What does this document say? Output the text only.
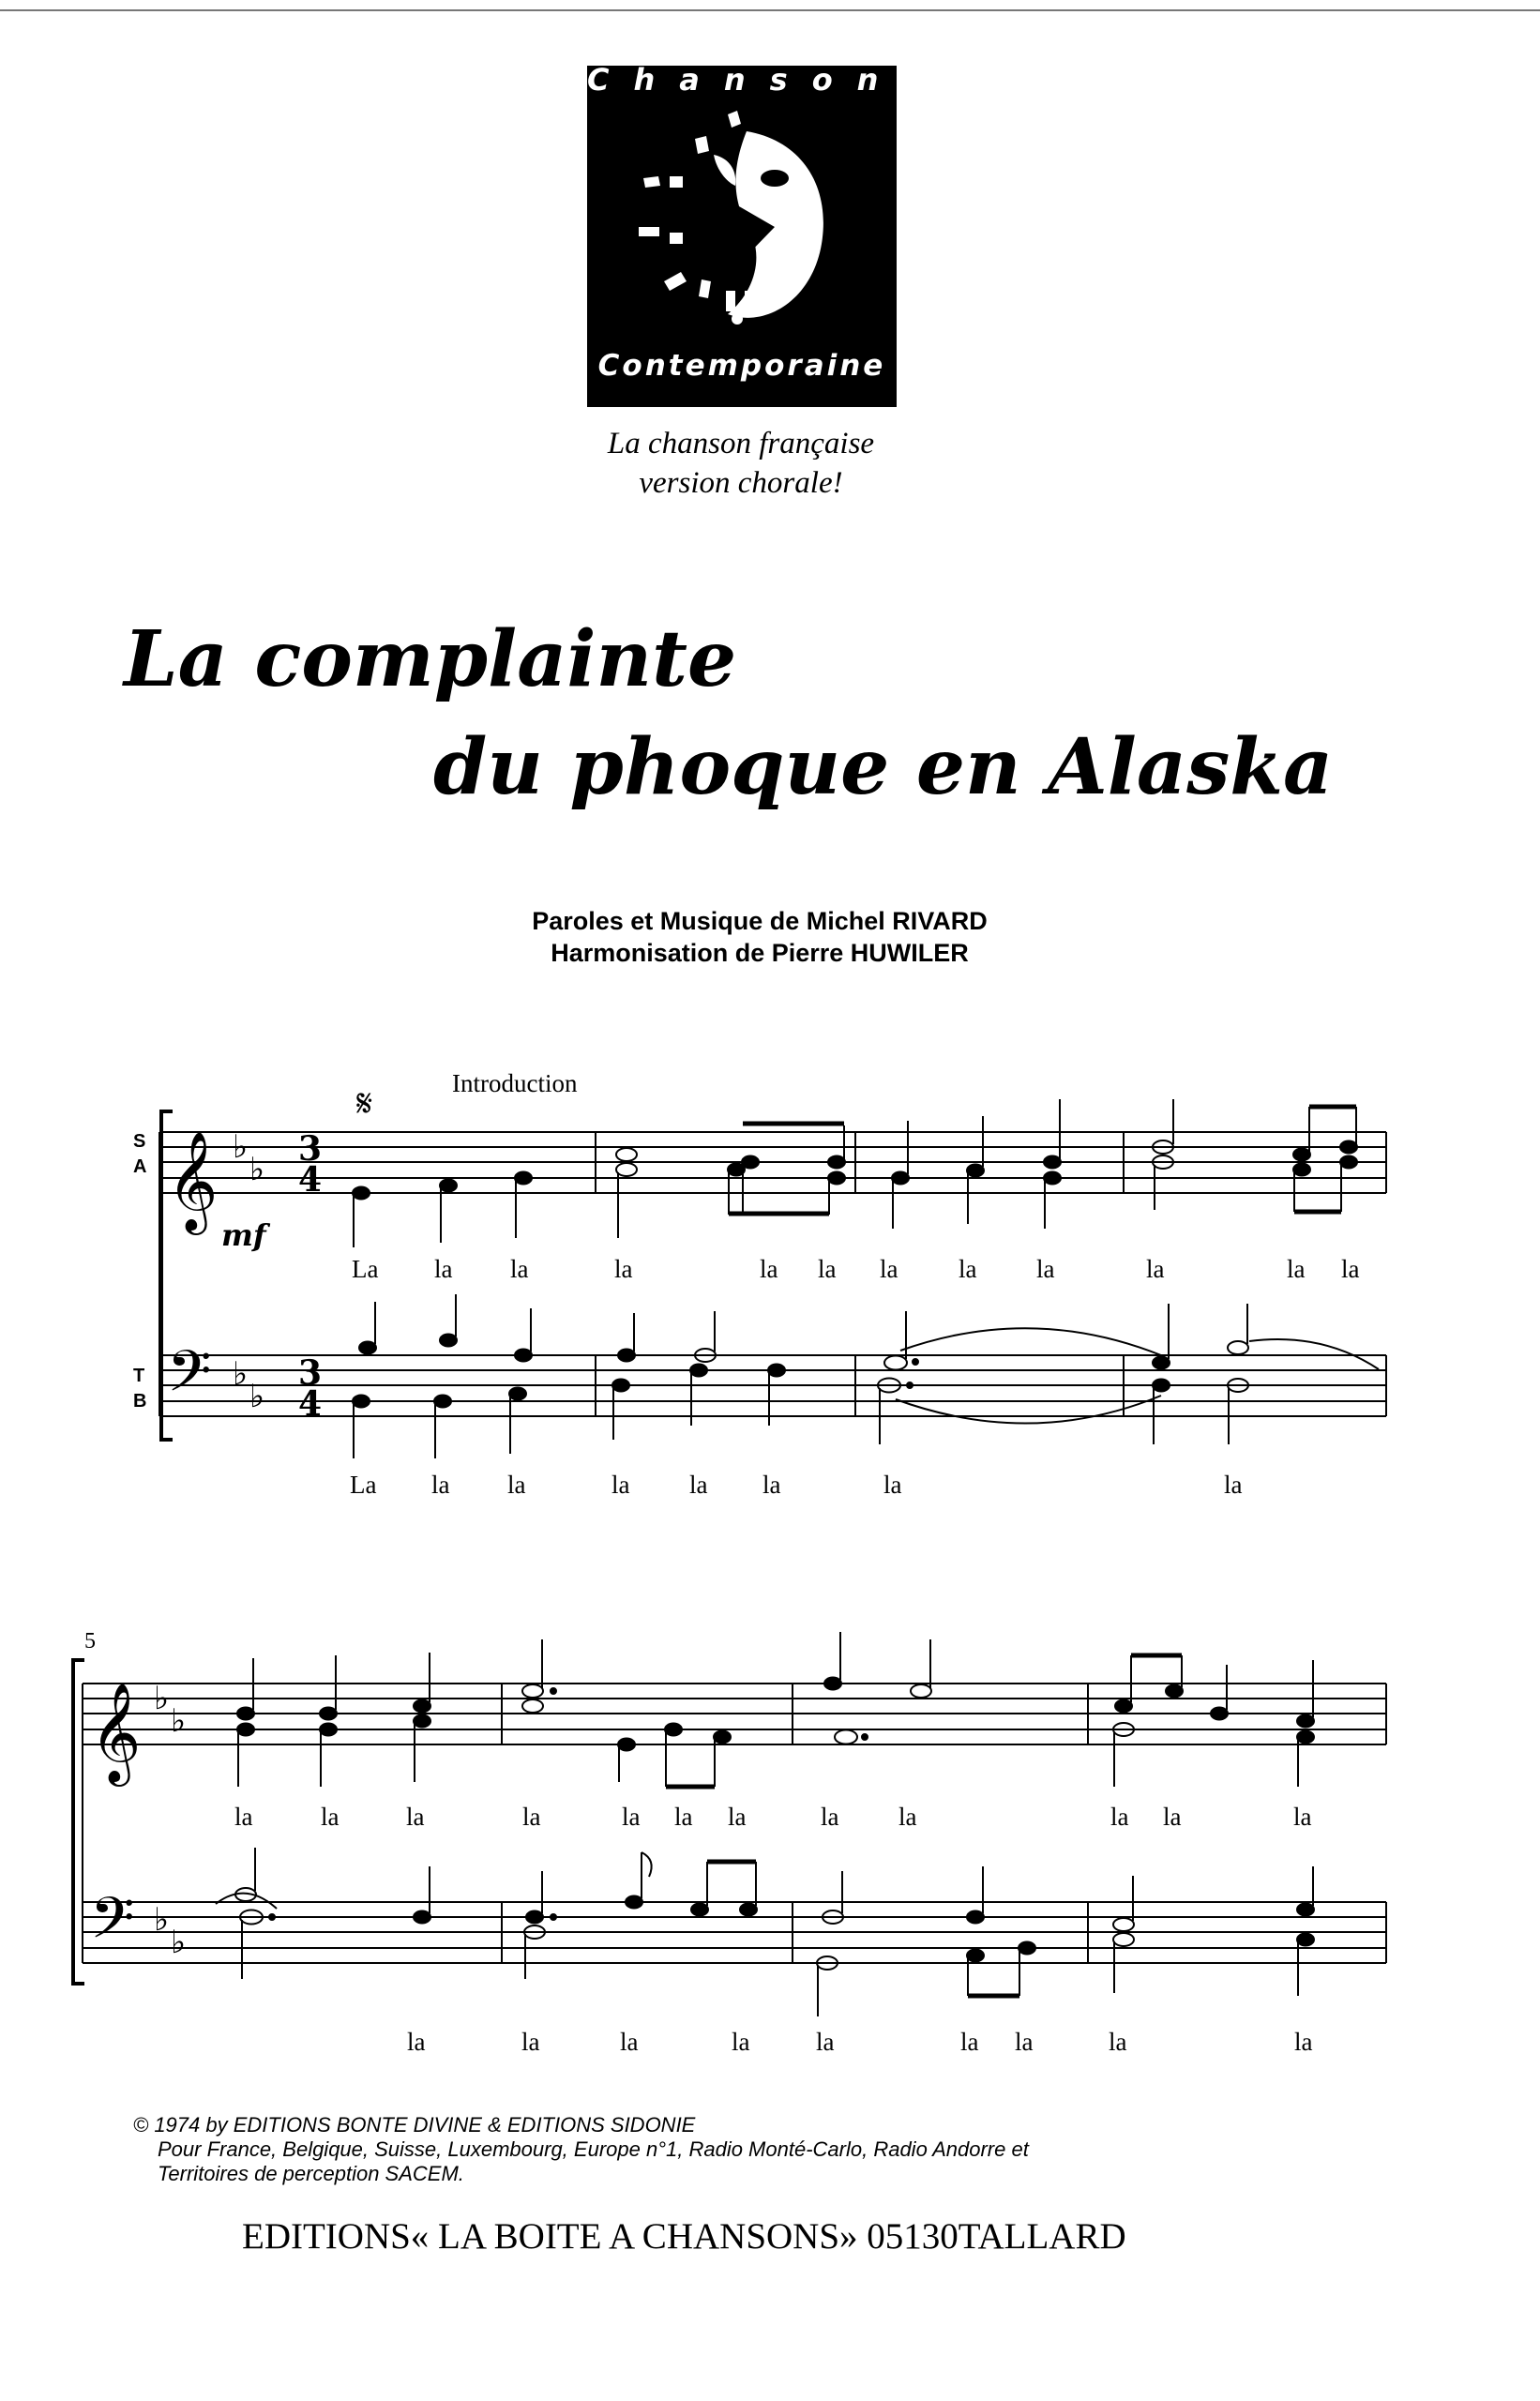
Chanson
Contemporaine
La chanson française
version chorale!
La complainte
du phoque en Alaska
Paroles et Musique de Michel RIVARD
Harmonisation de Pierre HUWILER
𝄞
𝄢
𝄞
𝄢
♭
♭
♭
♭
♭
♭
♭
♭
𝄋
3
4
3
4
S
A
T
B
Introduction
mf
5
La la la	la	la la la la la	la	la la
La la la	la la la	la	la
la	la	la	la	la la la	la la	la la	la
la	la	la	la	la	la la	la	la
© 1974 by EDITIONS BONTE DIVINE & EDITIONS SIDONIE
Pour France, Belgique, Suisse, Luxembourg, Europe n°1, Radio Monté-Carlo, Radio Andorre et
Territoires de perception SACEM.
EDITIONS« LA BOITE A CHANSONS» 05130TALLARD
